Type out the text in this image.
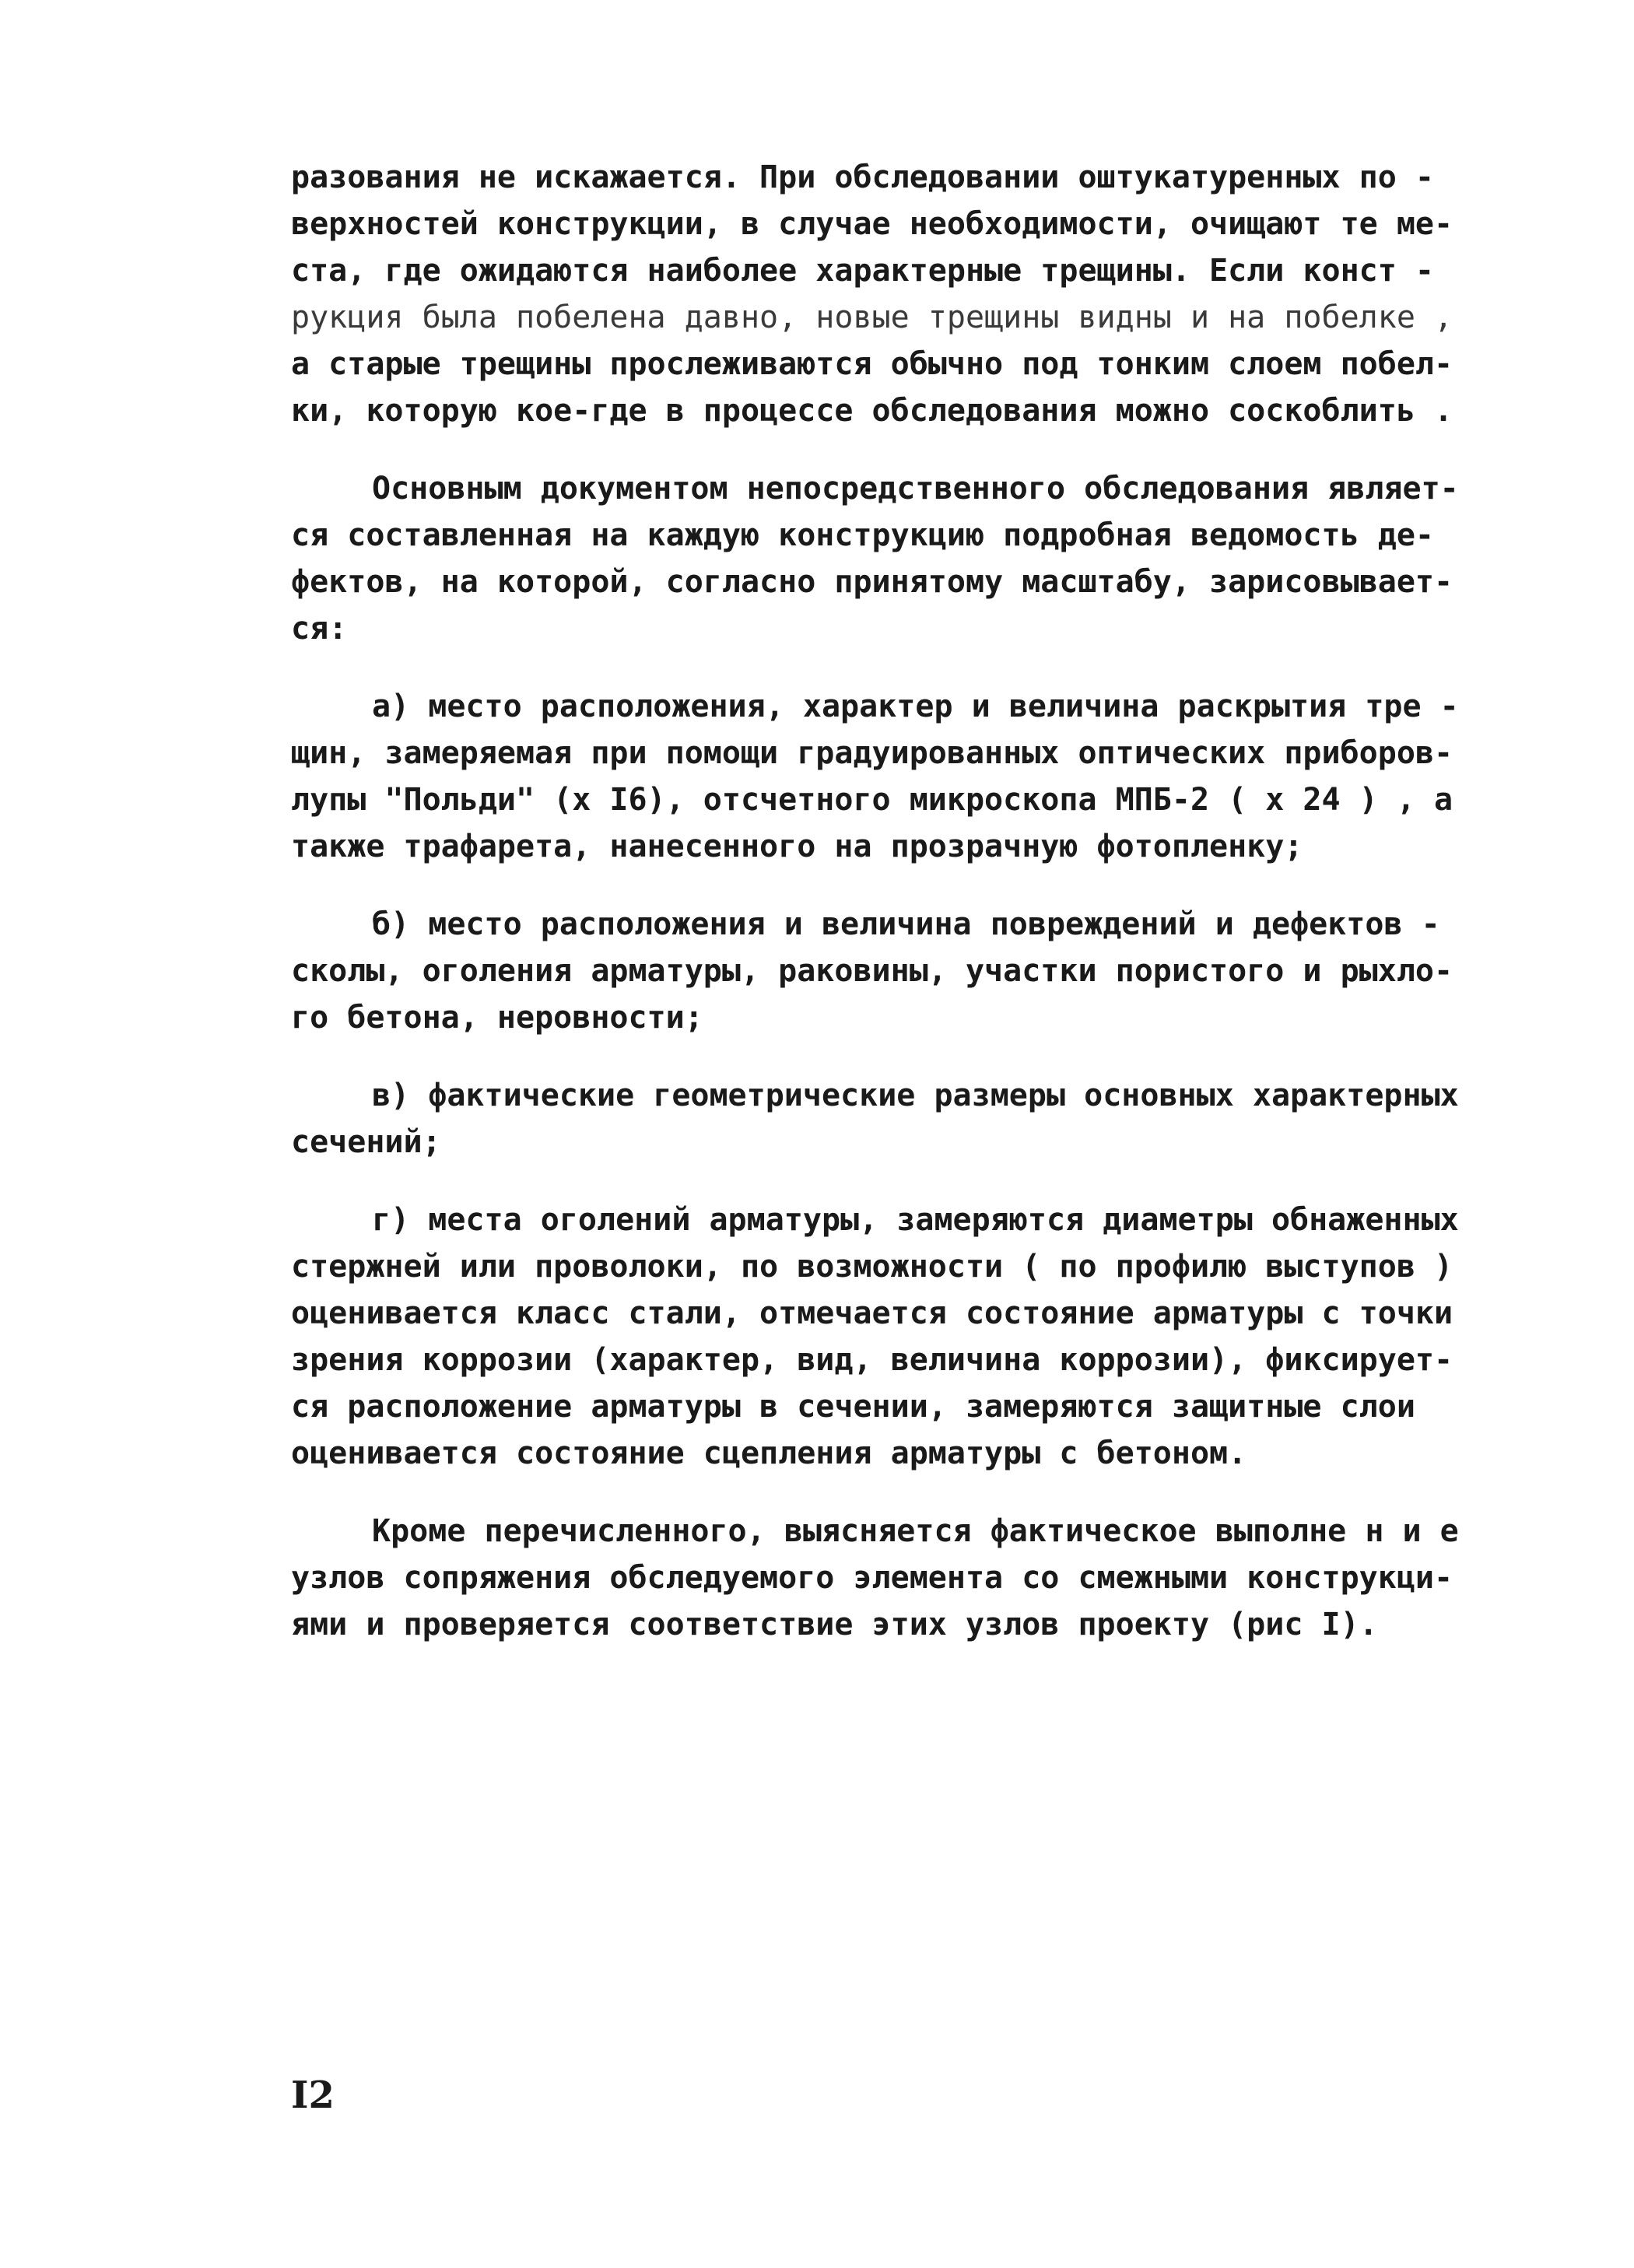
разования не искажается. При обследовании оштукатуренных по -
верхностей конструкции, в случае необходимости, очищают те ме-
ста, где ожидаются наиболее характерные трещины. Если конст -
рукция была побелена давно, новые трещины видны и на побелке ,
а старые трещины прослеживаются обычно под тонким слоем побел-
ки, которую кое-где в процессе обследования можно соскоблить .
Основным документом непосредственного обследования являет-
ся составленная на каждую конструкцию подробная ведомость де-
фектов, на которой, согласно принятому масштабу, зарисовывает-
ся:
а) место расположения, характер и величина раскрытия тре -
щин, замеряемая при помощи градуированных оптических приборов-
лупы "Польди" (х I6), отсчетного микроскопа МПБ-2 ( х 24 ) , а
также трафарета, нанесенного на прозрачную фотопленку;
б) место расположения и величина повреждений и дефектов -
сколы, оголения арматуры, раковины, участки пористого и рыхло-
го бетона, неровности;
в) фактические геометрические размеры основных характерных
сечений;
г) места оголений арматуры, замеряются диаметры обнаженных
стержней или проволоки, по возможности ( по профилю выступов )
оценивается класс стали, отмечается состояние арматуры с точки
зрения коррозии (характер, вид, величина коррозии), фиксирует-
ся расположение арматуры в сечении, замеряются защитные слои
оценивается состояние сцепления арматуры с бетоном.
Кроме перечисленного, выясняется фактическое выполне н и е
узлов сопряжения обследуемого элемента со смежными конструкци-
ями и проверяется соответствие этих узлов проекту (рис I).
I2
